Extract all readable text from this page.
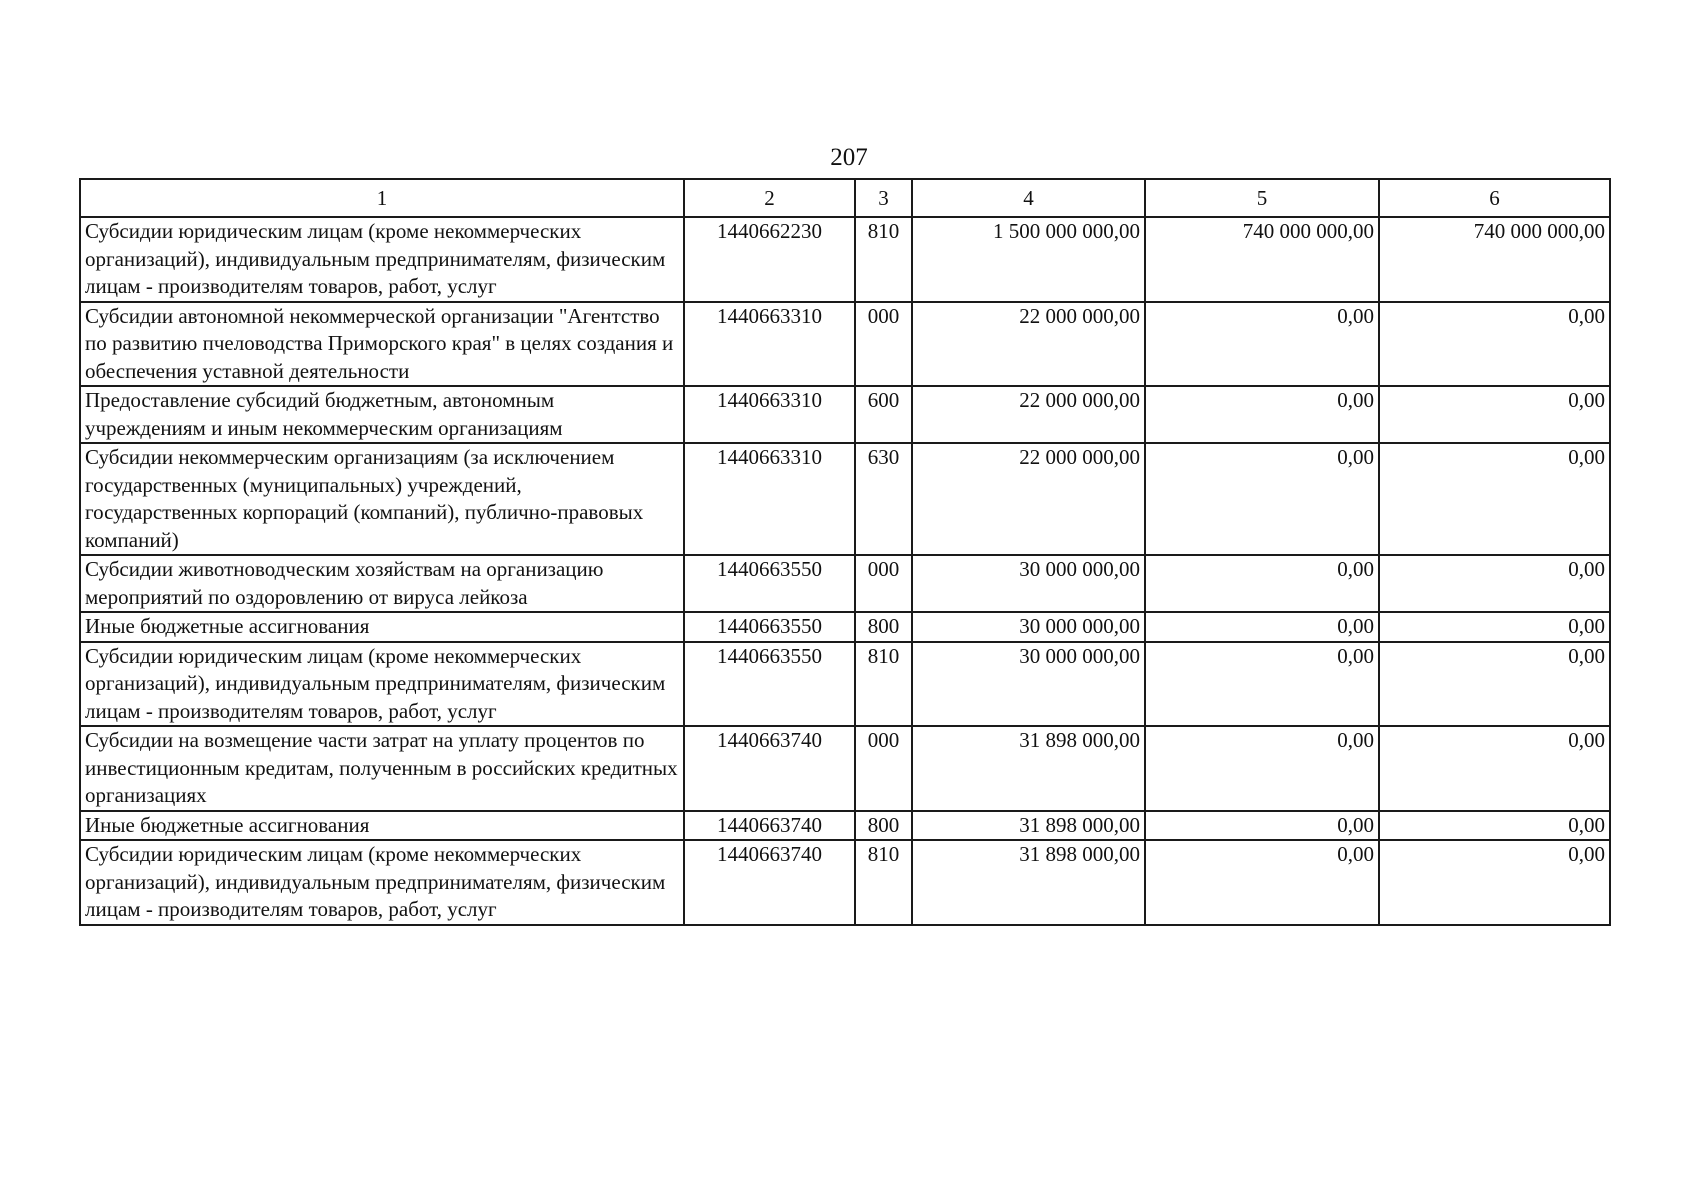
207
1	2	3	4	5	6
Субсидии юридическим лицам (кроме некоммерческих организаций), индивидуальным предпринимателям, физическим лицам - производителям товаров, работ, услуг	1440662230	810	1 500 000 000,00	740 000 000,00	740 000 000,00
Субсидии автономной некоммерческой организации "Агентство по развитию пчеловодства Приморского края" в целях создания и обеспечения уставной деятельности	1440663310	000	22 000 000,00	0,00	0,00
Предоставление субсидий бюджетным, автономным учреждениям и иным некоммерческим организациям	1440663310	600	22 000 000,00	0,00	0,00
Субсидии некоммерческим организациям (за исключением государственных (муниципальных) учреждений, государственных корпораций (компаний), публично-правовых компаний)	1440663310	630	22 000 000,00	0,00	0,00
Субсидии животноводческим хозяйствам на организацию мероприятий по оздоровлению от вируса лейкоза	1440663550	000	30 000 000,00	0,00	0,00
Иные бюджетные ассигнования	1440663550	800	30 000 000,00	0,00	0,00
Субсидии юридическим лицам (кроме некоммерческих организаций), индивидуальным предпринимателям, физическим лицам - производителям товаров, работ, услуг	1440663550	810	30 000 000,00	0,00	0,00
Субсидии на возмещение части затрат на уплату процентов по инвестиционным кредитам, полученным в российских кредитных организациях	1440663740	000	31 898 000,00	0,00	0,00
Иные бюджетные ассигнования	1440663740	800	31 898 000,00	0,00	0,00
Субсидии юридическим лицам (кроме некоммерческих организаций), индивидуальным предпринимателям, физическим лицам - производителям товаров, работ, услуг	1440663740	810	31 898 000,00	0,00	0,00
